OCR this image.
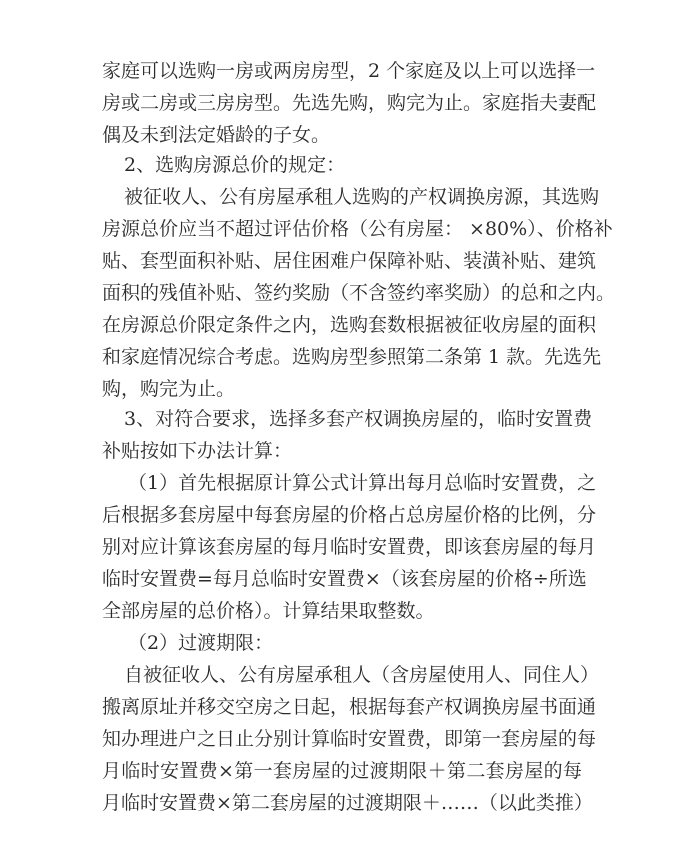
家庭可以选购一房或两房房型，2 个家庭及以上可以选择一
房或二房或三房房型。先选先购，购完为止。家庭指夫妻配
偶及未到法定婚龄的子女。
2、选购房源总价的规定：
被征收人、公有房屋承租人选购的产权调换房源，其选购
房源总价应当不超过评估价格（公有房屋： ×80%）、价格补
贴、套型面积补贴、居住困难户保障补贴、装潢补贴、建筑
面积的残值补贴、签约奖励（不含签约率奖励）的总和之内。
在房源总价限定条件之内，选购套数根据被征收房屋的面积
和家庭情况综合考虑。选购房型参照第二条第 1 款。先选先
购，购完为止。
3、对符合要求，选择多套产权调换房屋的，临时安置费
补贴按如下办法计算：
（1）首先根据原计算公式计算出每月总临时安置费，之
后根据多套房屋中每套房屋的价格占总房屋价格的比例，分
别对应计算该套房屋的每月临时安置费，即该套房屋的每月
临时安置费=每月总临时安置费×（该套房屋的价格÷所选
全部房屋的总价格）。计算结果取整数。
（2）过渡期限：
自被征收人、公有房屋承租人（含房屋使用人、同住人）
搬离原址并移交空房之日起，根据每套产权调换房屋书面通
知办理进户之日止分别计算临时安置费，即第一套房屋的每
月临时安置费×第一套房屋的过渡期限＋第二套房屋的每
月临时安置费×第二套房屋的过渡期限＋……（以此类推）
